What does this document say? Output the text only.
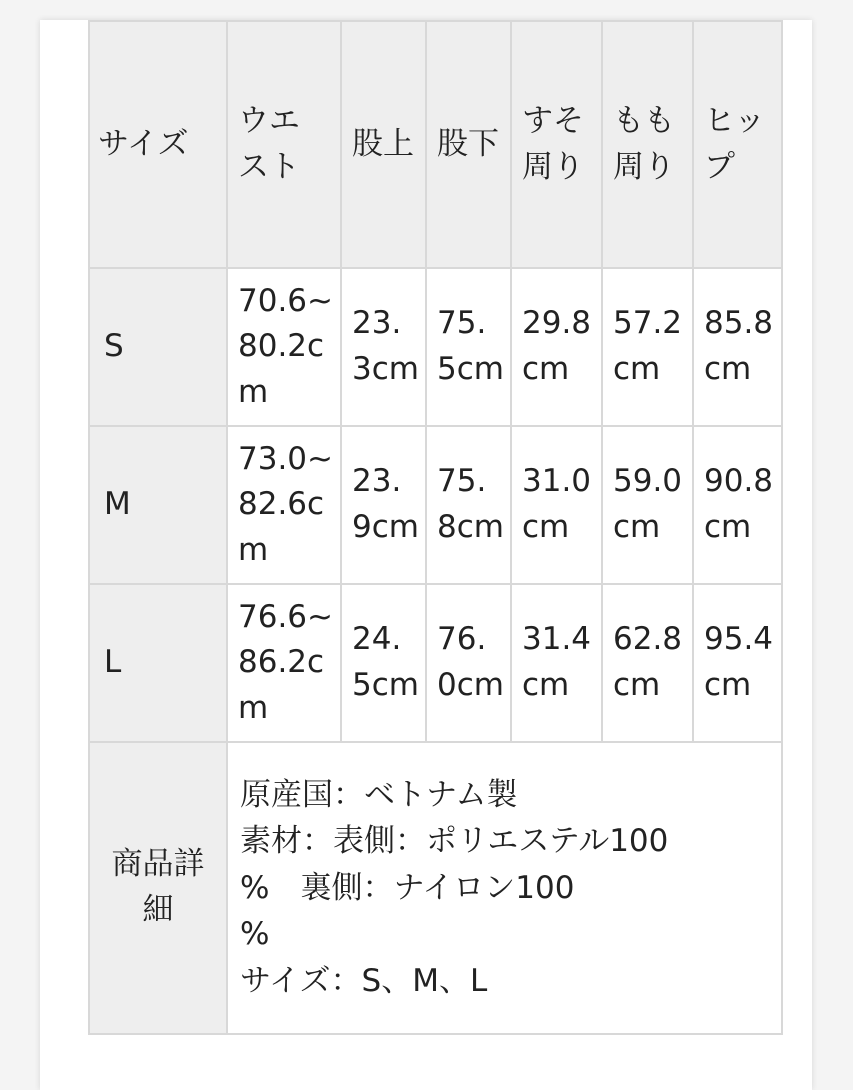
サイズ	ウエスト	股上	股下	すそ周り	もも周り	ヒップ

S	70.6~80.2cm	23.3cm	75.5cm	29.8cm	57.2cm	85.8cm

M	73.0~82.6cm	23.9cm	75.8cm	31.0cm	59.0cm	90.8cm

L	76.6~86.2cm	24.5cm	76.0cm	31.4cm	62.8cm	95.4cm

商品詳細	原産国：ベトナム製
素材：表側：ポリエステル100
%　裏側：ナイロン100
%
サイズ：S、M、L					
